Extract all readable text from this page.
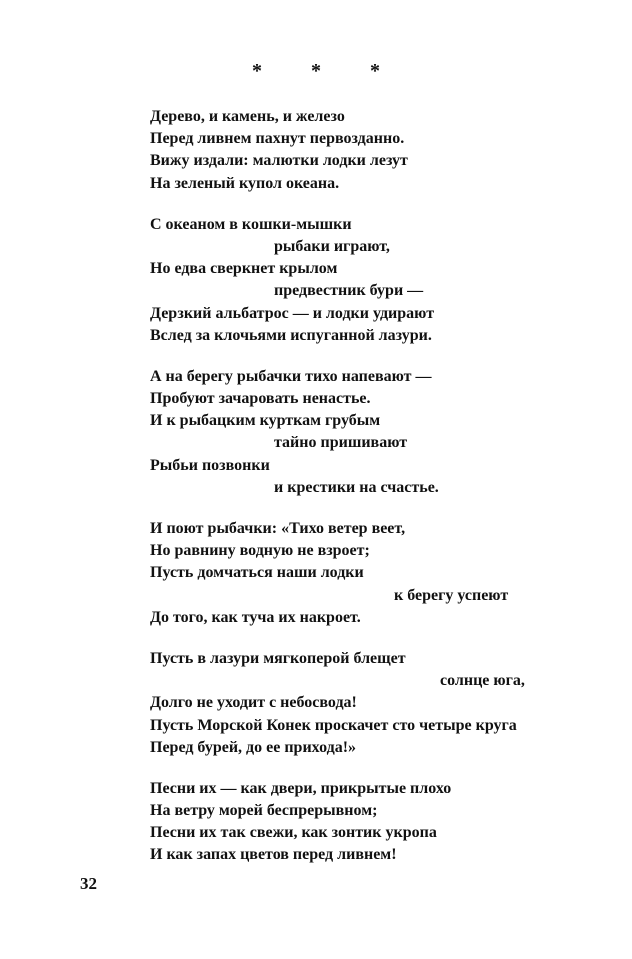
* * *
Дерево, и камень, и железо
Перед ливнем пахнут первозданно.
Вижу издали: малютки лодки лезут
На зеленый купол океана.
С океаном в кошки-мышки
рыбаки играют,
Но едва сверкнет крылом
предвестник бури —
Дерзкий альбатрос — и лодки удирают
Вслед за клочьями испуганной лазури.
А на берегу рыбачки тихо напевают —
Пробуют зачаровать ненастье.
И к рыбацким курткам грубым
тайно пришивают
Рыбьи позвонки
и крестики на счастье.
И поют рыбачки: «Тихо ветер веет,
Но равнину водную не взроет;
Пусть домчаться наши лодки
к берегу успеют
До того, как туча их накроет.
Пусть в лазури мягкоперой блещет
солнце юга,
Долго не уходит с небосвода!
Пусть Морской Конек проскачет сто четыре круга
Перед бурей, до ее прихода!»
Песни их — как двери, прикрытые плохо
На ветру морей беспрерывном;
Песни их так свежи, как зонтик укропа
И как запах цветов перед ливнем!
32
